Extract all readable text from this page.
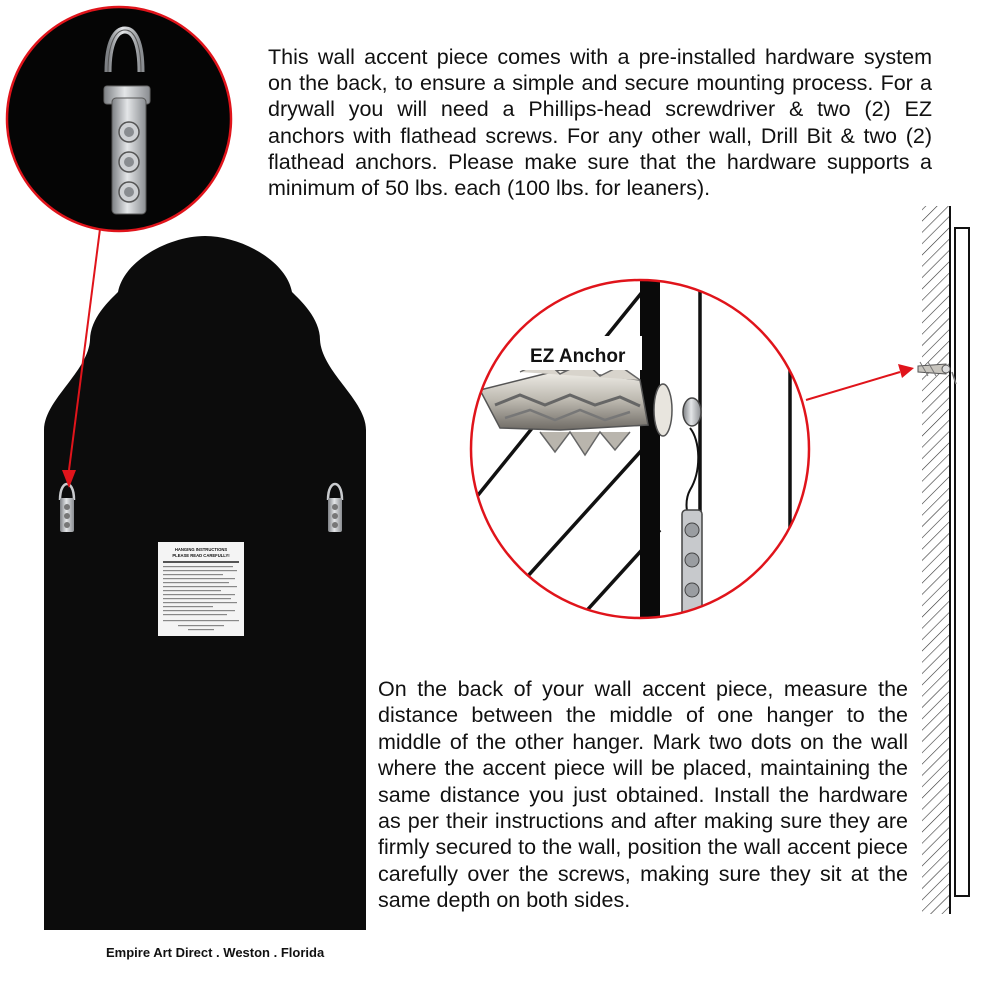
HANGING INSTRUCTIONS
PLEASE READ CAREFULLY!
EZ Anchor
This wall accent piece comes with a pre-installed hardware system on the back, to ensure a simple and secure mounting process. For a drywall you will need a Phillips-head screwdriver & two (2) EZ anchors with flathead screws. For any other wall, Drill Bit & two (2) flathead anchors. Please make sure that the hardware supports a minimum of 50 lbs. each (100 lbs. for leaners).
On the back of your wall accent piece, measure the distance between the middle of one hanger to the middle of the other hanger. Mark two dots on the wall where the accent piece will be placed, maintaining the same distance you just obtained. Install the hardware as per their instructions and after making sure they are firmly secured to the wall, position the wall accent piece carefully over the screws, making sure they sit at the same depth on both sides.
Empire Art Direct . Weston . Florida
